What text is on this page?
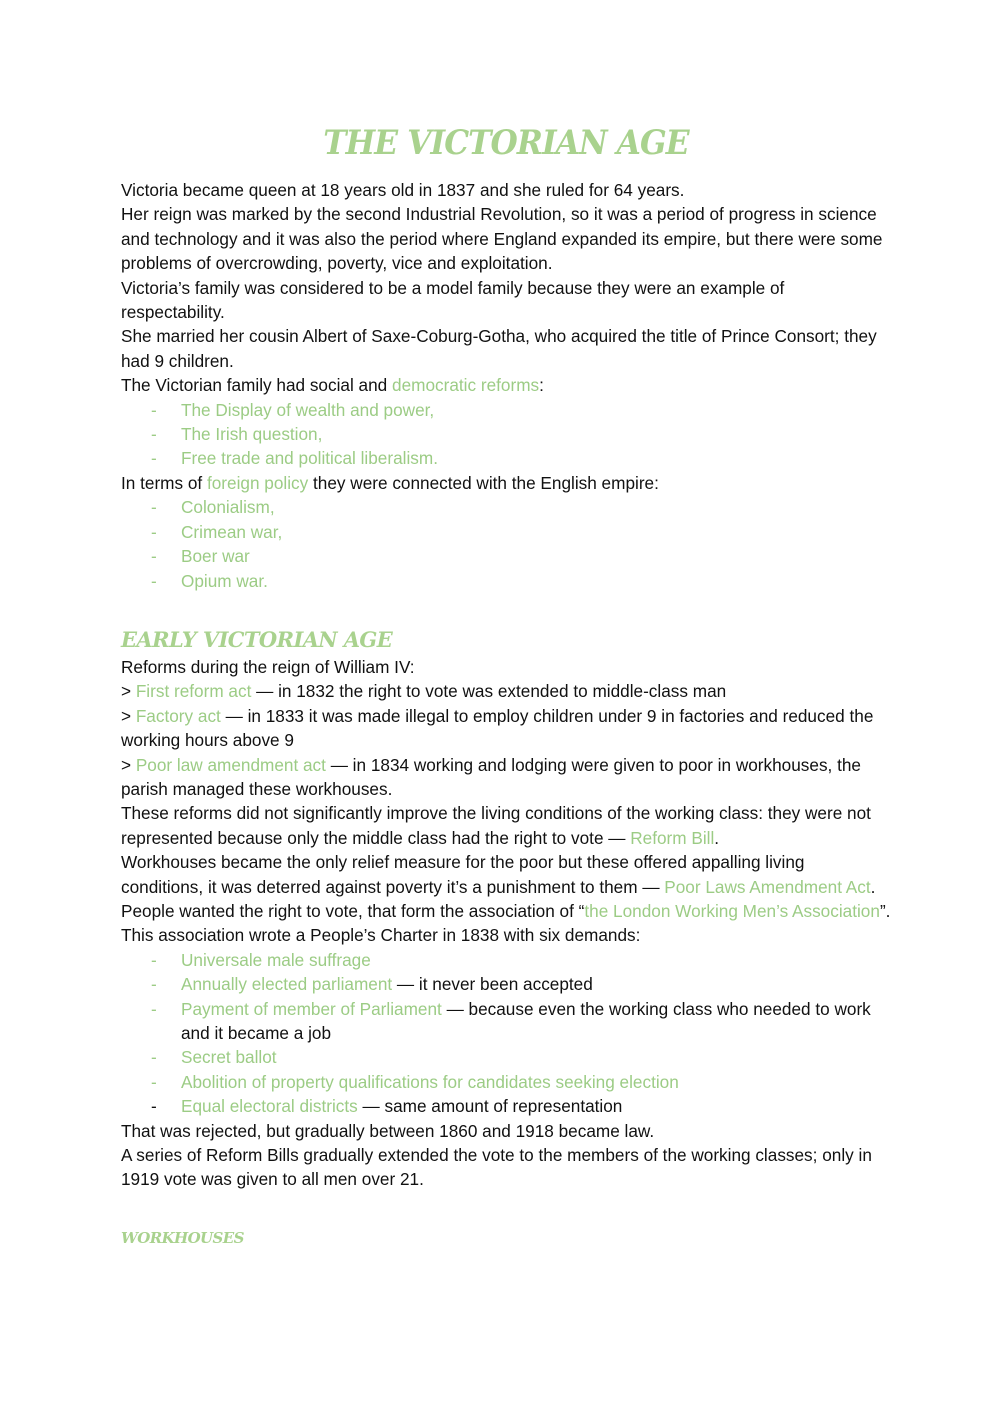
THE VICTORIAN AGE

Victoria became queen at 18 years old in 1837 and she ruled for 64 years.

Her reign was marked by the second Industrial Revolution, so it was a period of progress in science and technology and it was also the period where England expanded its empire, but there were some problems of overcrowding, poverty, vice and exploitation.

Victoria’s family was considered to be a model family because they were an example of respectability.

She married her cousin Albert of Saxe-Coburg-Gotha, who acquired the title of Prince Consort; they had 9 children.

The Victorian family had social and democratic reforms:

- The Display of wealth and power,
- The Irish question,
- Free trade and political liberalism.

In terms of foreign policy they were connected with the English empire:

- Colonialism,
- Crimean war,
- Boer war
- Opium war.
EARLY VICTORIAN AGE

Reforms during the reign of William IV:

> First reform act — in 1832 the right to vote was extended to middle-class man

> Factory act — in 1833 it was made illegal to employ children under 9 in factories and reduced the working hours above 9

> Poor law amendment act — in 1834 working and lodging were given to poor in workhouses, the parish managed these workhouses.

These reforms did not significantly improve the living conditions of the working class: they were not represented because only the middle class had the right to vote — Reform Bill.

Workhouses became the only relief measure for the poor but these offered appalling living conditions, it was deterred against poverty it’s a punishment to them — Poor Laws Amendment Act.

People wanted the right to vote, that form the association of “the London Working Men’s Association”.

This association wrote a People’s Charter in 1838 with six demands:

- Universale male suffrage
- Annually elected parliament — it never been accepted
- Payment of member of Parliament — because even the working class who needed to work and it became a job
- Secret ballot
- Abolition of property qualifications for candidates seeking election
- Equal electoral districts — same amount of representation

That was rejected, but gradually between 1860 and 1918 became law.

A series of Reform Bills gradually extended the vote to the members of the working classes; only in 1919 vote was given to all men over 21.

WORKHOUSES
